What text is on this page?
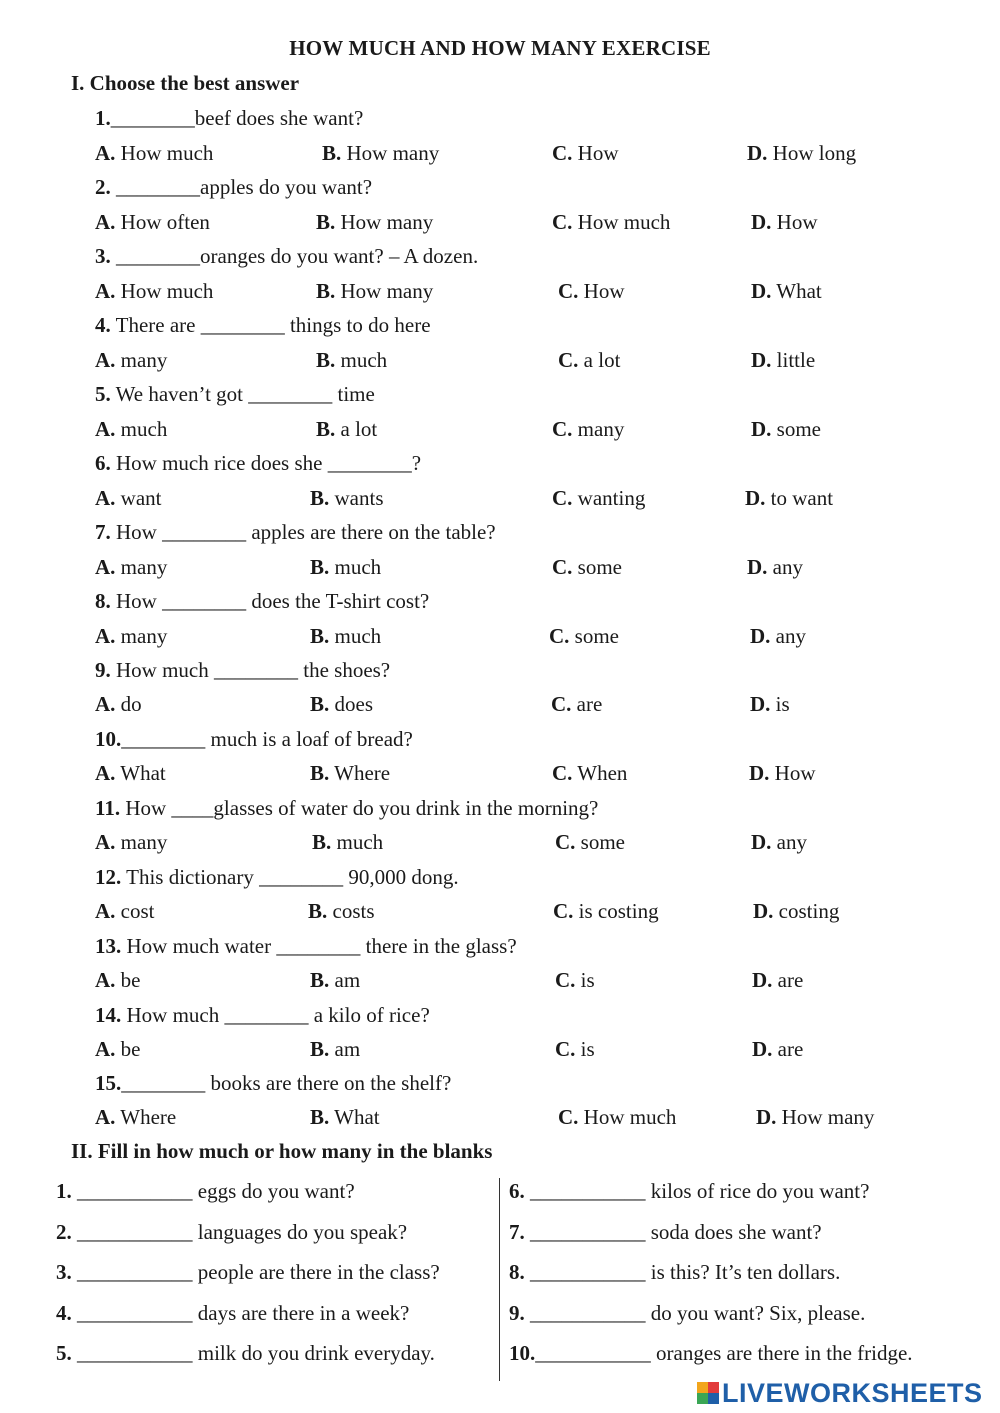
HOW MUCH AND HOW MANY EXERCISE
I. Choose the best answer
1.________beef does she want?
A. How much	B. How many	C. How	D. How long
2. ________apples do you want?
A. How often	B. How many	C. How much	D. How
3. ________oranges do you want? – A dozen.
A. How much	B. How many	C. How	D. What
4. There are ________ things to do here
A. many	B. much	C. a lot	D. little
5. We haven’t got ________ time
A. much	B. a lot	C. many	D. some
6. How much rice does she ________?
A. want	B. wants	C. wanting	D. to want
7. How ________ apples are there on the table?
A. many	B. much	C. some	D. any
8. How ________ does the T-shirt cost?
A. many	B. much	C. some	D. any
9. How much ________ the shoes?
A. do	B. does	C. are	D. is
10.________ much is a loaf of bread?
A. What	B. Where	C. When	D. How
11. How ____glasses of water do you drink in the morning?
A. many	B. much	C. some	D. any
12. This dictionary ________ 90,000 dong.
A. cost	B. costs	C. is costing	D. costing
13. How much water ________ there in the glass?
A. be	B. am	C. is	D. are
14. How much ________ a kilo of rice?
A. be	B. am	C. is	D. are
15.________ books are there on the shelf?
A. Where	B. What	C. How much	D. How many
II. Fill in how much or how many in the blanks
1. ___________ eggs do you want?
2. ___________ languages do you speak?
3. ___________ people are there in the class?
4. ___________ days are there in a week?
5. ___________ milk do you drink everyday.
6. ___________ kilos of rice do you want?
7. ___________ soda does she want?
8. ___________ is this? It’s ten dollars.
9. ___________ do you want? Six, please.
10.___________ oranges are there in the fridge.
LIVEWORKSHEETS
